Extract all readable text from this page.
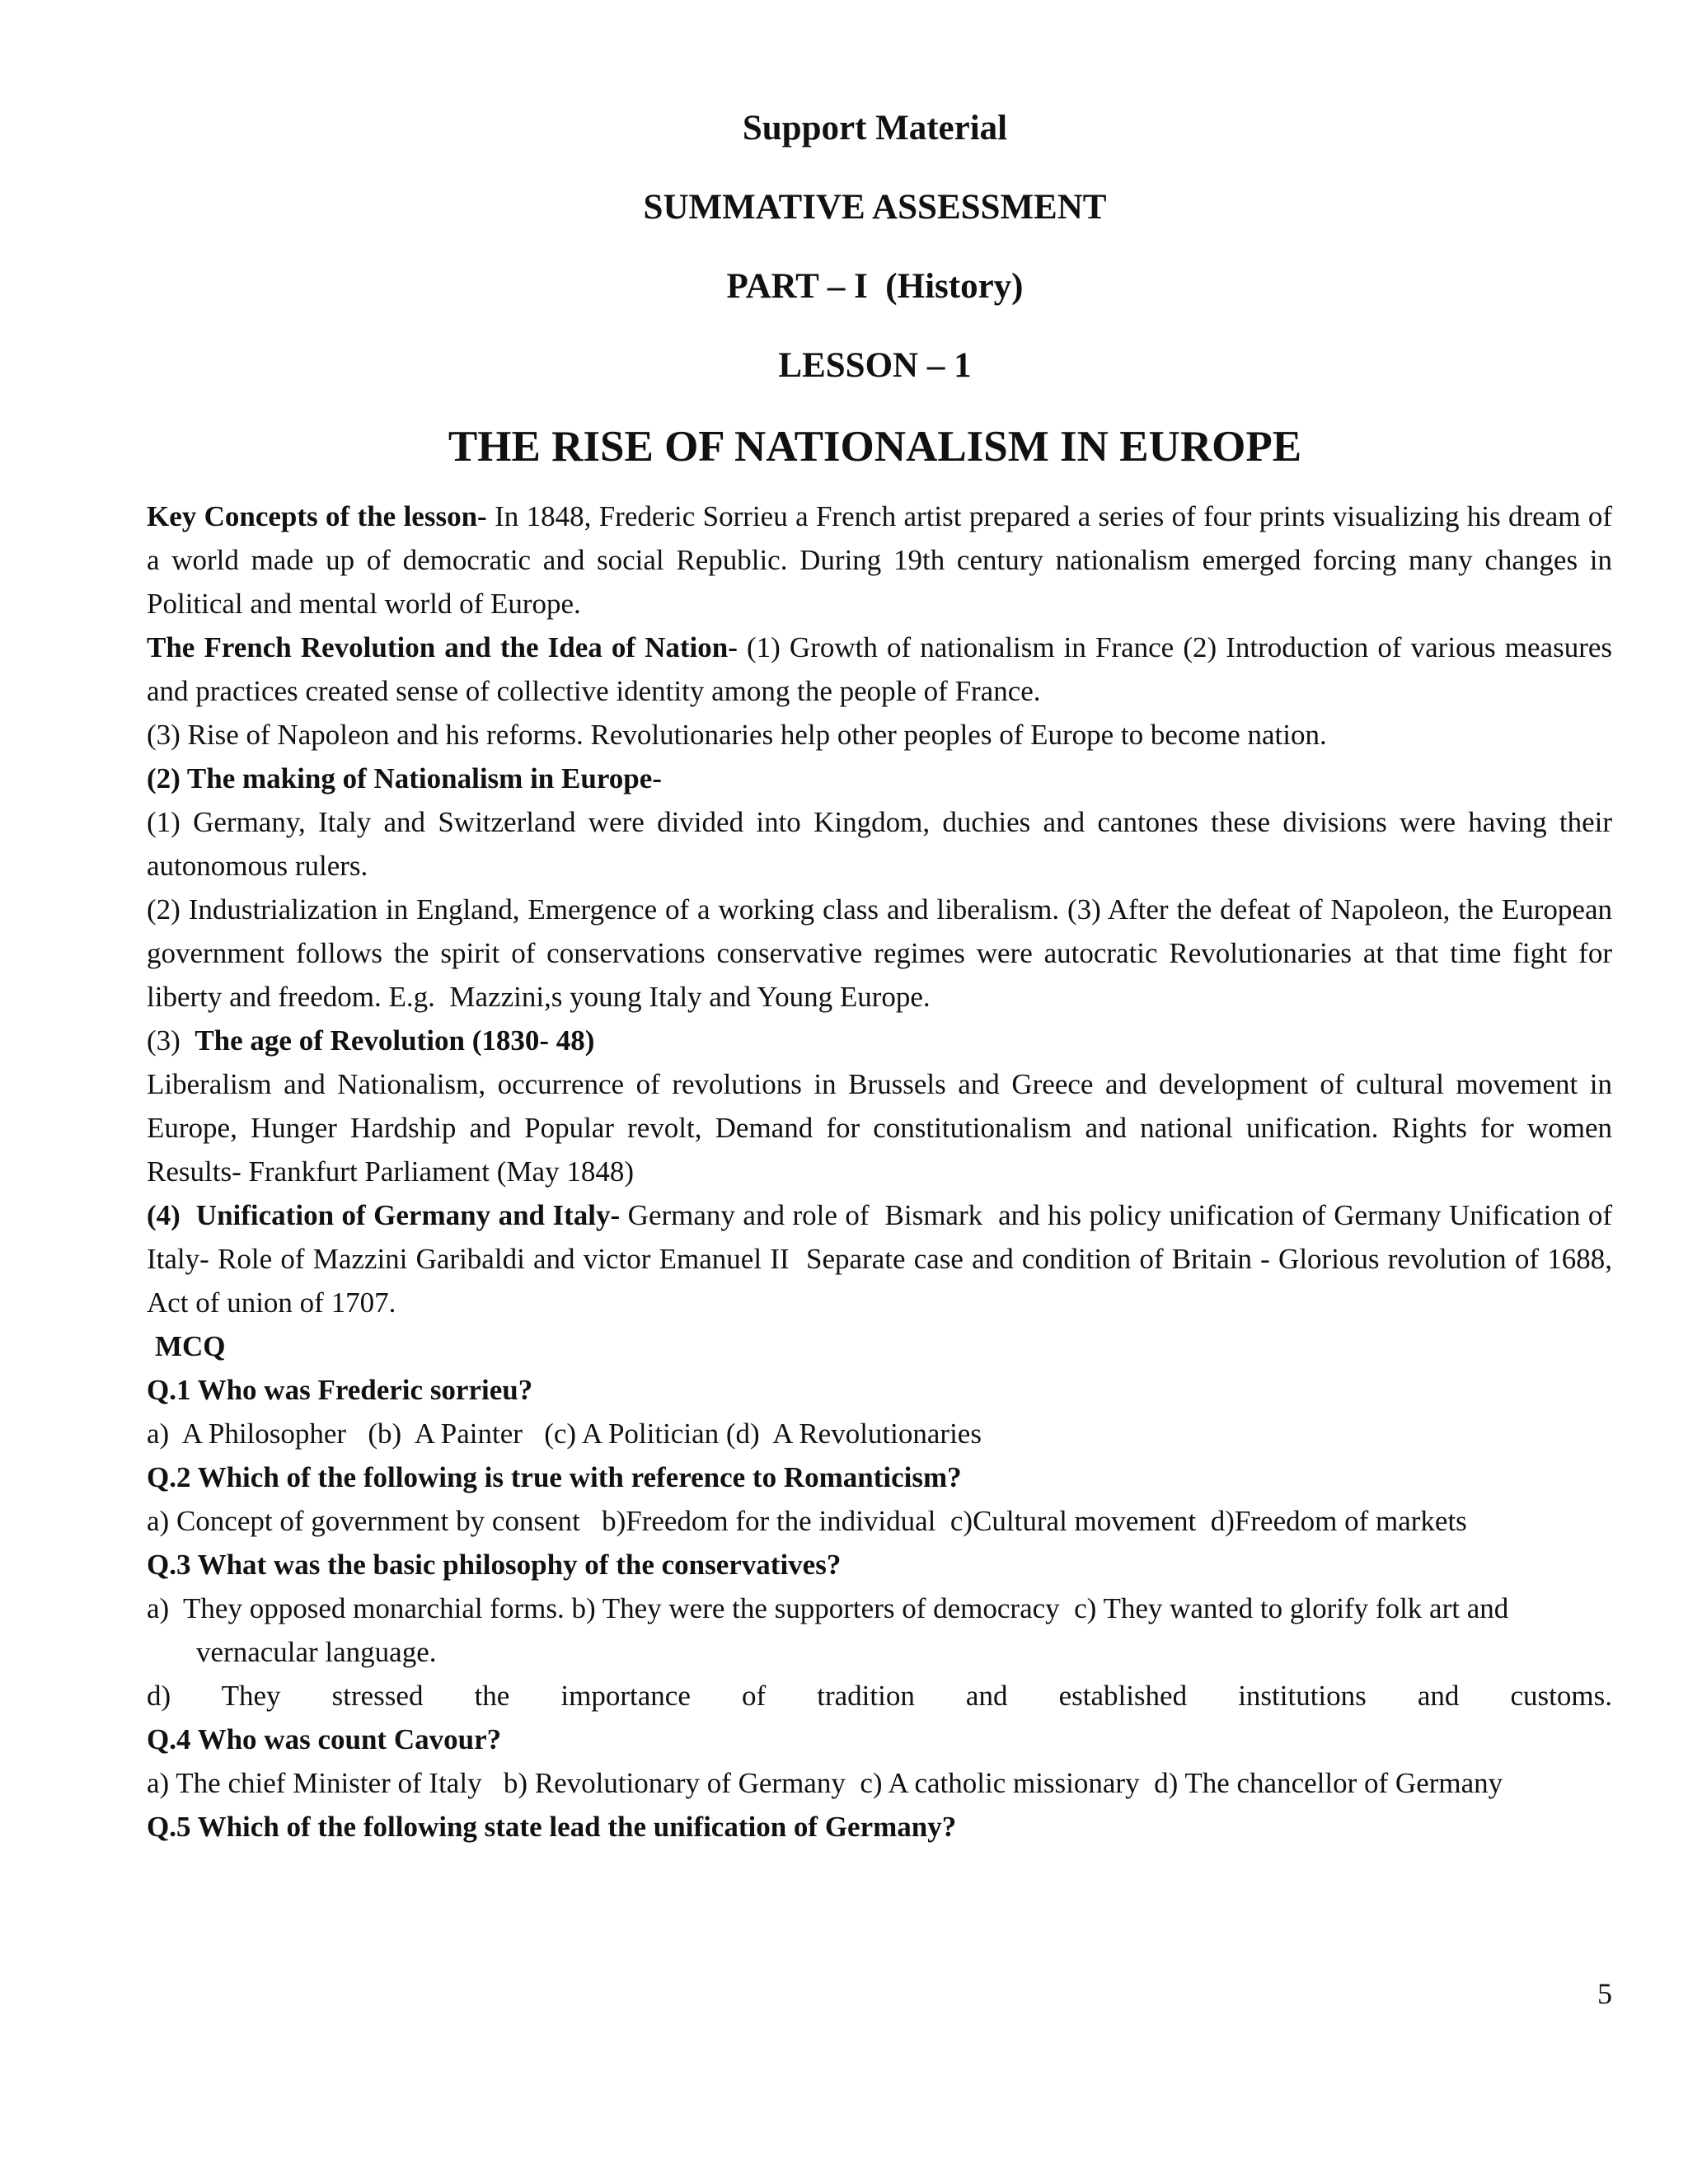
Support Material
SUMMATIVE ASSESSMENT
PART – I  (History)
LESSON – 1
THE RISE OF NATIONALISM IN EUROPE

Key Concepts of the lesson- In 1848, Frederic Sorrieu a French artist prepared a series of four prints visualizing his dream of a world made up of democratic and social Republic. During 19th century nationalism emerged forcing many changes in Political and mental world of Europe.

The French Revolution and the Idea of Nation- (1) Growth of nationalism in France (2) Introduction of various measures and practices created sense of collective identity among the people of France.

(3) Rise of Napoleon and his reforms. Revolutionaries help other peoples of Europe to become nation.

(2) The making of Nationalism in Europe-

(1) Germany, Italy and Switzerland were divided into Kingdom, duchies and cantones these divisions were having their autonomous rulers.

(2) Industrialization in England, Emergence of a working class and liberalism. (3) After the defeat of Napoleon, the European government follows the spirit of conservations conservative regimes were autocratic Revolutionaries at that time fight for liberty and freedom. E.g.  Mazzini,s young Italy and Young Europe.

(3)  The age of Revolution (1830- 48)

Liberalism and Nationalism, occurrence of revolutions in Brussels and Greece and development of cultural movement in Europe, Hunger Hardship and Popular revolt, Demand for constitutionalism and national unification. Rights for women Results- Frankfurt Parliament (May 1848)

(4)  Unification of Germany and Italy- Germany and role of  Bismark  and his policy unification of Germany Unification of Italy- Role of Mazzini Garibaldi and victor Emanuel II  Separate case and condition of Britain - Glorious revolution of 1688, Act of union of 1707.

MCQ

Q.1 Who was Frederic sorrieu?

a)  A Philosopher   (b)  A Painter   (c) A Politician (d)  A Revolutionaries

Q.2 Which of the following is true with reference to Romanticism?

a) Concept of government by consent   b)Freedom for the individual  c)Cultural movement  d)Freedom of markets

Q.3 What was the basic philosophy of the conservatives?

a)  They opposed monarchial forms. b) They were the supporters of democracy  c) They wanted to glorify folk art and vernacular language.

d) They stressed the importance of tradition and established institutions and customs.

Q.4 Who was count Cavour?

a) The chief Minister of Italy   b) Revolutionary of Germany  c) A catholic missionary  d) The chancellor of Germany

Q.5 Which of the following state lead the unification of Germany?

5
